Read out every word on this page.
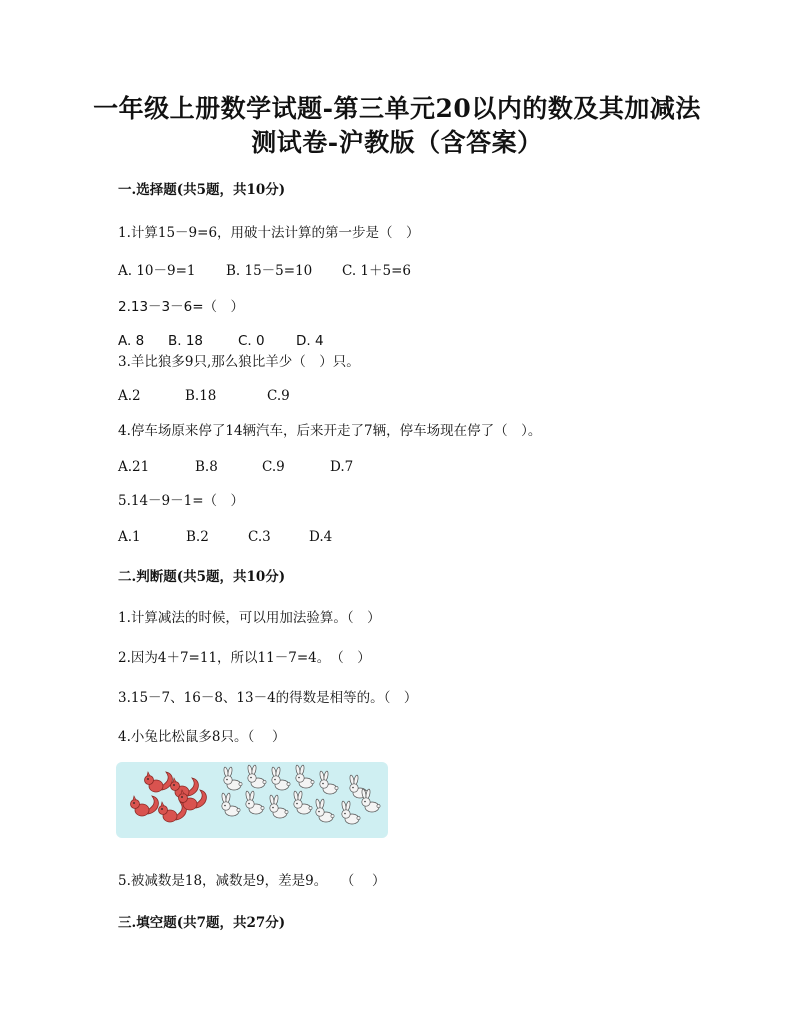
一年级上册数学试题-第三单元20以内的数及其加减法
测试卷-沪教版（含答案）
一.选择题(共5题，共10分)
1.计算15－9=6，用破十法计算的第一步是（　）
A. 10－9=1 B. 15－5=10 C. 1＋5=6
2.13－3－6=（　）
A. 8 B. 18	C. 0 D. 4
3.羊比狼多9只,那么狼比羊少（　）只。
A.2	B.18	C.9
4.停车场原来停了14辆汽车，后来开走了7辆，停车场现在停了（　）。
A.21	B.8	C.9	D.7
5.14－9－1=（　）
A.1	B.2	C.3	D.4
二.判断题(共5题，共10分)
1.计算减法的时候，可以用加法验算。（　）
2.因为4＋7=11，所以11－7=4。　（　）
3.15－7、16－8、13－4的得数是相等的。（　）
4.小兔比松鼠多8只。（　 ）
5.被减数是18，减数是9，差是9。　　（　 ）
三.填空题(共7题，共27分)
